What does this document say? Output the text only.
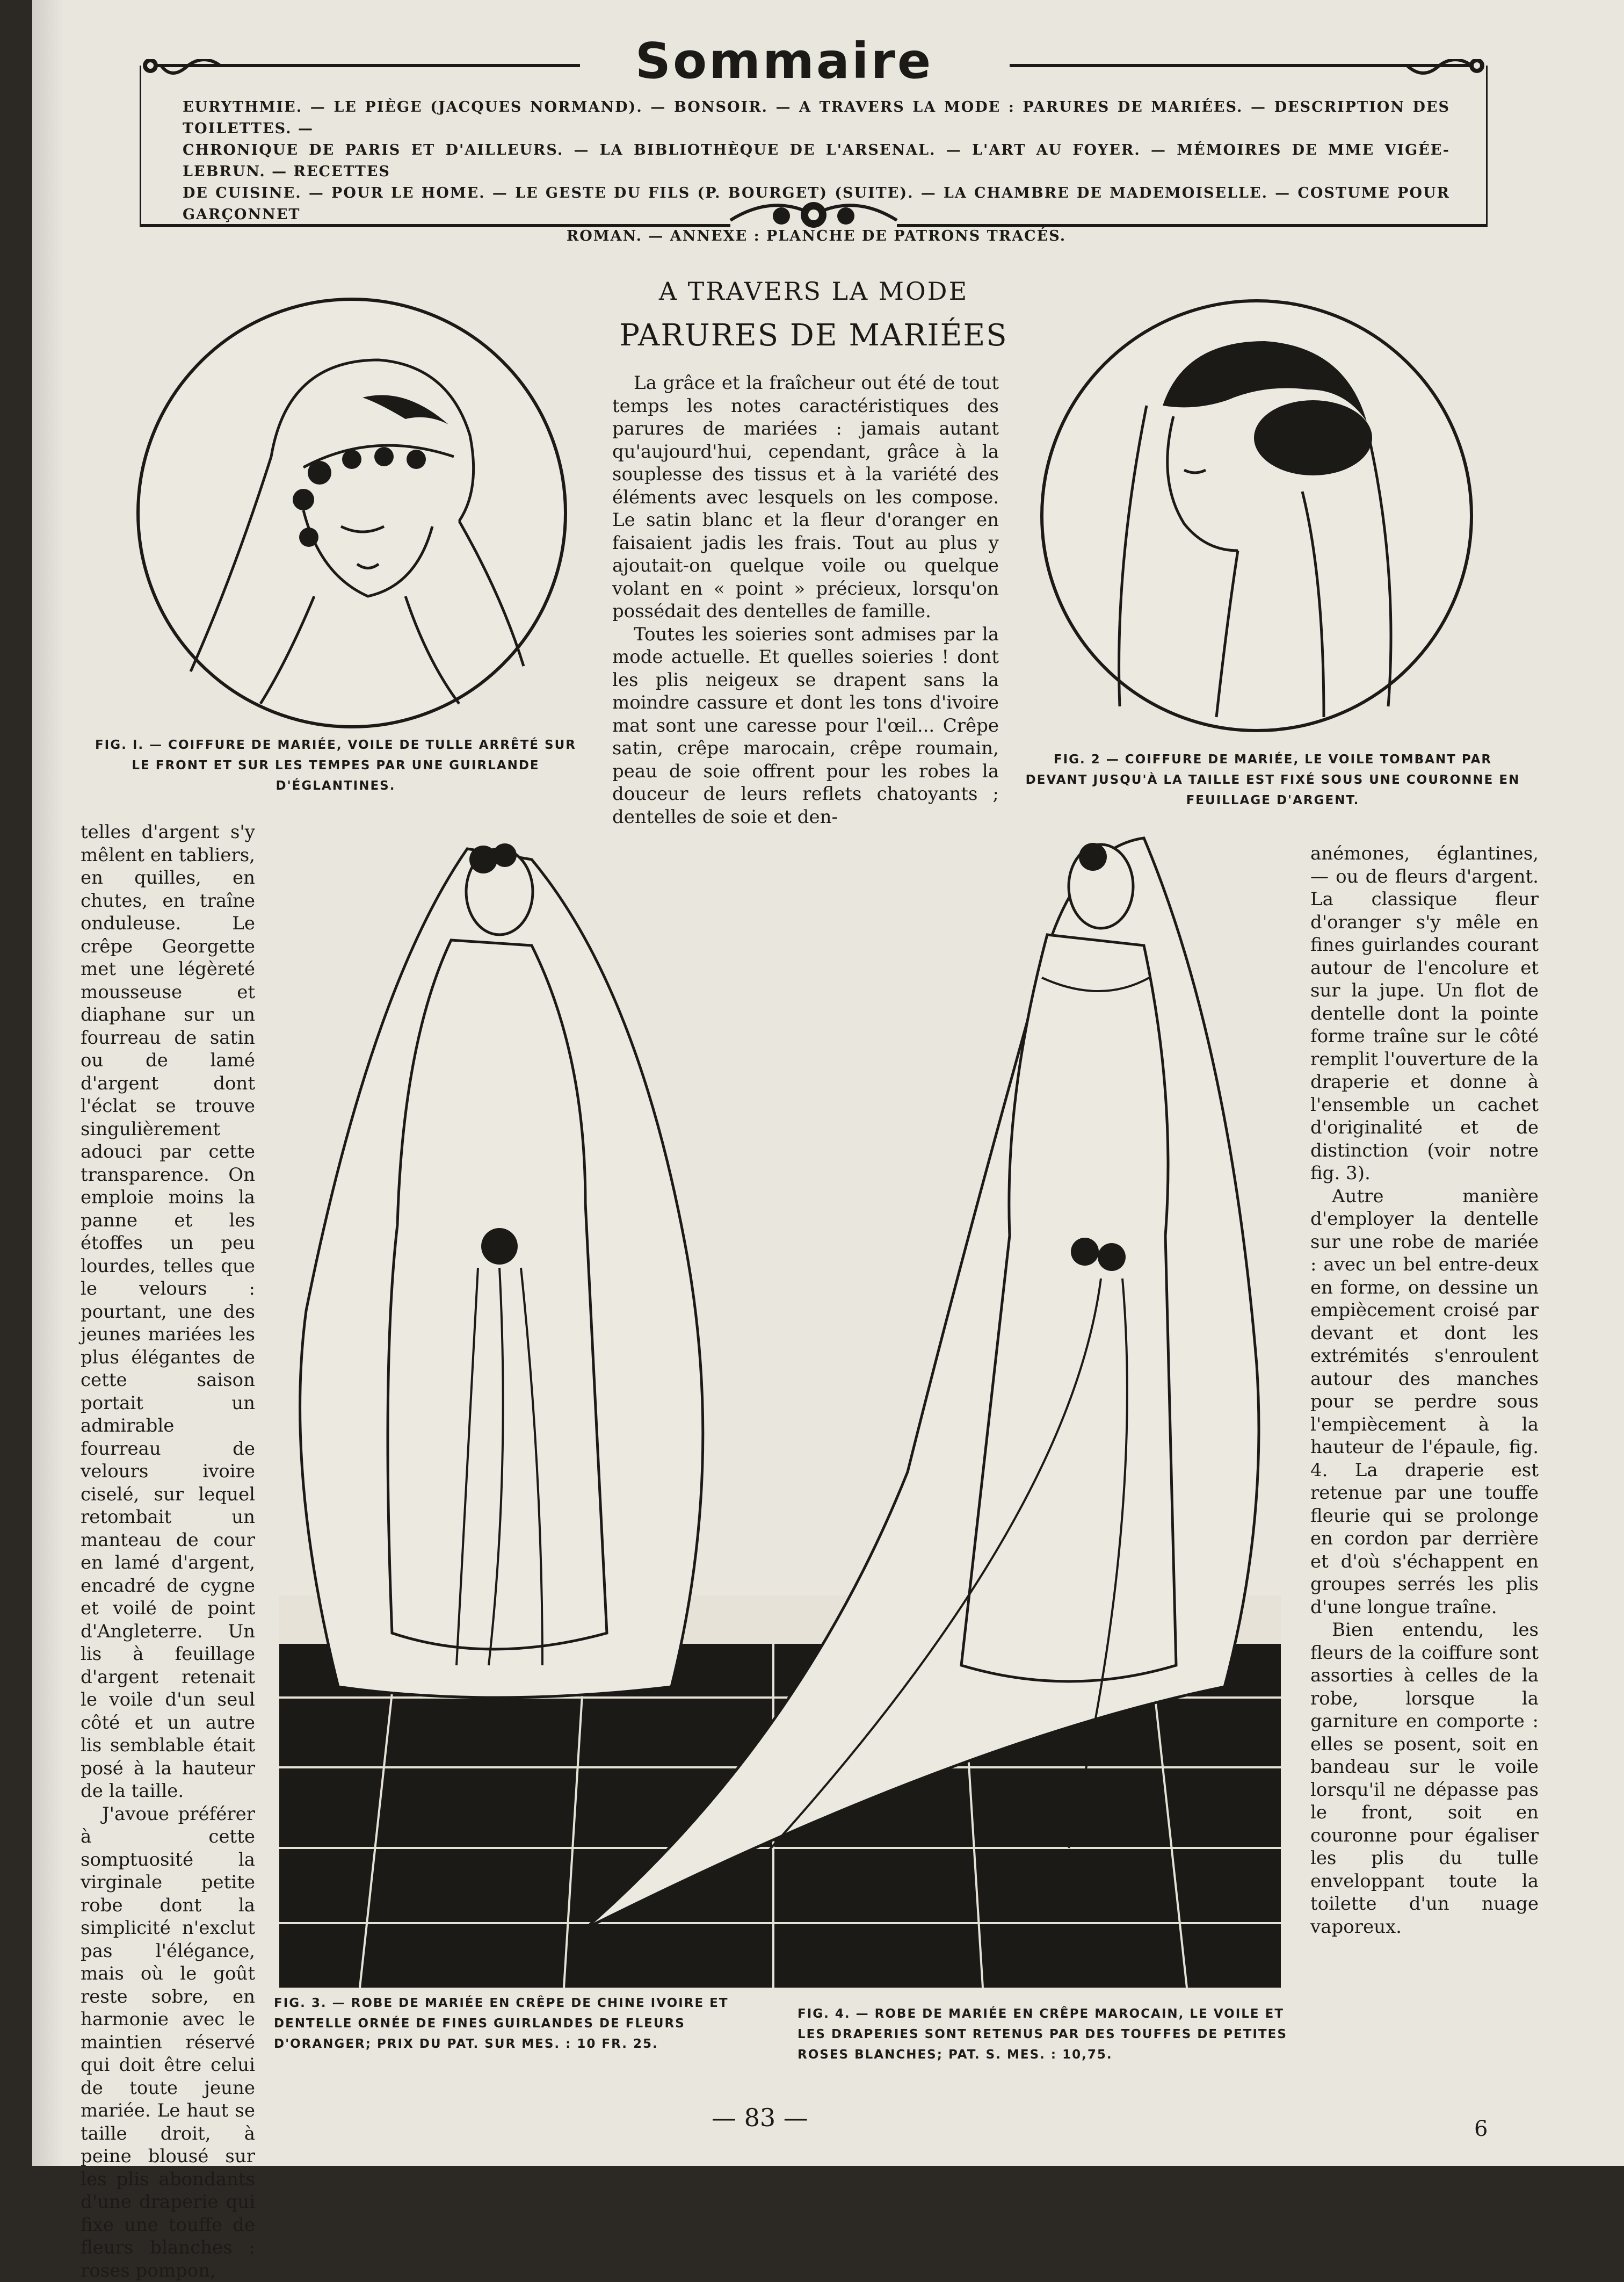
Sommaire
EURYTHMIE. — LE PIÈGE (JACQUES NORMAND). — BONSOIR. — A TRAVERS LA MODE : PARURES DE MARIÉES. — DESCRIPTION DES TOILETTES. —
CHRONIQUE DE PARIS ET D'AILLEURS. — LA BIBLIOTHÈQUE DE L'ARSENAL. — L'ART AU FOYER. — MÉMOIRES DE MME VIGÉE-LEBRUN. — RECETTES
DE CUISINE. — POUR LE HOME. — LE GESTE DU FILS (P. BOURGET) (SUITE). — LA CHAMBRE DE MADEMOISELLE. — COSTUME POUR GARÇONNET
ROMAN. — ANNEXE : PLANCHE DE PATRONS TRACÉS.
A TRAVERS LA MODE
PARURES DE MARIÉES
FIG. I. — COIFFURE DE MARIÉE, VOILE DE TULLE ARRÊTÉ SUR LE FRONT ET SUR LES TEMPES PAR UNE GUIRLANDE D'ÉGLANTINES.
FIG. 2 — COIFFURE DE MARIÉE, LE VOILE TOMBANT PAR DEVANT JUSQU'À LA TAILLE EST FIXÉ SOUS UNE COURONNE EN FEUILLAGE D'ARGENT.
FIG. 3. — ROBE DE MARIÉE EN CRÊPE DE CHINE IVOIRE ET DENTELLE ORNÉE DE FINES GUIRLANDES DE FLEURS D'ORANGER; PRIX DU PAT. SUR MES. : 10 FR. 25.
FIG. 4. — ROBE DE MARIÉE EN CRÊPE MAROCAIN, LE VOILE ET LES DRAPERIES SONT RETENUS PAR DES TOUFFES DE PETITES ROSES BLANCHES; PAT. S. MES. : 10,75.

La grâce et la fraîcheur out été de tout temps les notes caractéristiques des parures de mariées : jamais autant qu'aujourd'hui, cependant, grâce à la souplesse des tissus et à la variété des éléments avec lesquels on les compose. Le satin blanc et la fleur d'oranger en faisaient jadis les frais. Tout au plus y ajoutait-on quelque voile ou quelque volant en « point » précieux, lorsqu'on possédait des dentelles de famille.

Toutes les soieries sont admises par la mode actuelle. Et quelles soieries ! dont les plis neigeux se drapent sans la moindre cassure et dont les tons d'ivoire mat sont une caresse pour l'œil... Crêpe satin, crêpe marocain, crêpe roumain, peau de soie offrent pour les robes la douceur de leurs reflets chatoyants ; dentelles de soie et den-

telles d'argent s'y mêlent en tabliers, en quilles, en chutes, en traîne onduleuse. Le crêpe Georgette met une légèreté mousseuse et diaphane sur un fourreau de satin ou de lamé d'argent dont l'éclat se trouve singulièrement adouci par cette transparence. On emploie moins la panne et les étoffes un peu lourdes, telles que le velours : pourtant, une des jeunes mariées les plus élégantes de cette saison portait un admirable fourreau de velours ivoire ciselé, sur lequel retombait un manteau de cour en lamé d'argent, encadré de cygne et voilé de point d'Angleterre. Un lis à feuillage d'argent retenait le voile d'un seul côté et un autre lis semblable était posé à la hauteur de la taille.

J'avoue préférer à cette somptuosité la virginale petite robe dont la simplicité n'exclut pas l'élégance, mais où le goût reste sobre, en harmonie avec le maintien réservé qui doit être celui de toute jeune mariée. Le haut se taille droit, à peine blousé sur les plis abondants d'une draperie qui fixe une touffe de fleurs blanches : roses pompon,

anémones, églantines, — ou de fleurs d'argent. La classique fleur d'oranger s'y mêle en fines guirlandes courant autour de l'encolure et sur la jupe. Un flot de dentelle dont la pointe forme traîne sur le côté remplit l'ouverture de la draperie et donne à l'ensemble un cachet d'originalité et de distinction (voir notre fig. 3).

Autre manière d'employer la dentelle sur une robe de mariée : avec un bel entre-deux en forme, on dessine un empiècement croisé par devant et dont les extrémités s'enroulent autour des manches pour se perdre sous l'empiècement à la hauteur de l'épaule, fig. 4. La draperie est retenue par une touffe fleurie qui se prolonge en cordon par derrière et d'où s'échappent en groupes serrés les plis d'une longue traîne.

Bien entendu, les fleurs de la coiffure sont assorties à celles de la robe, lorsque la garniture en comporte : elles se posent, soit en bandeau sur le voile lorsqu'il ne dépasse pas le front, soit en couronne pour égaliser les plis du tulle enveloppant toute la toilette d'un nuage vaporeux.

— 83 —	6
